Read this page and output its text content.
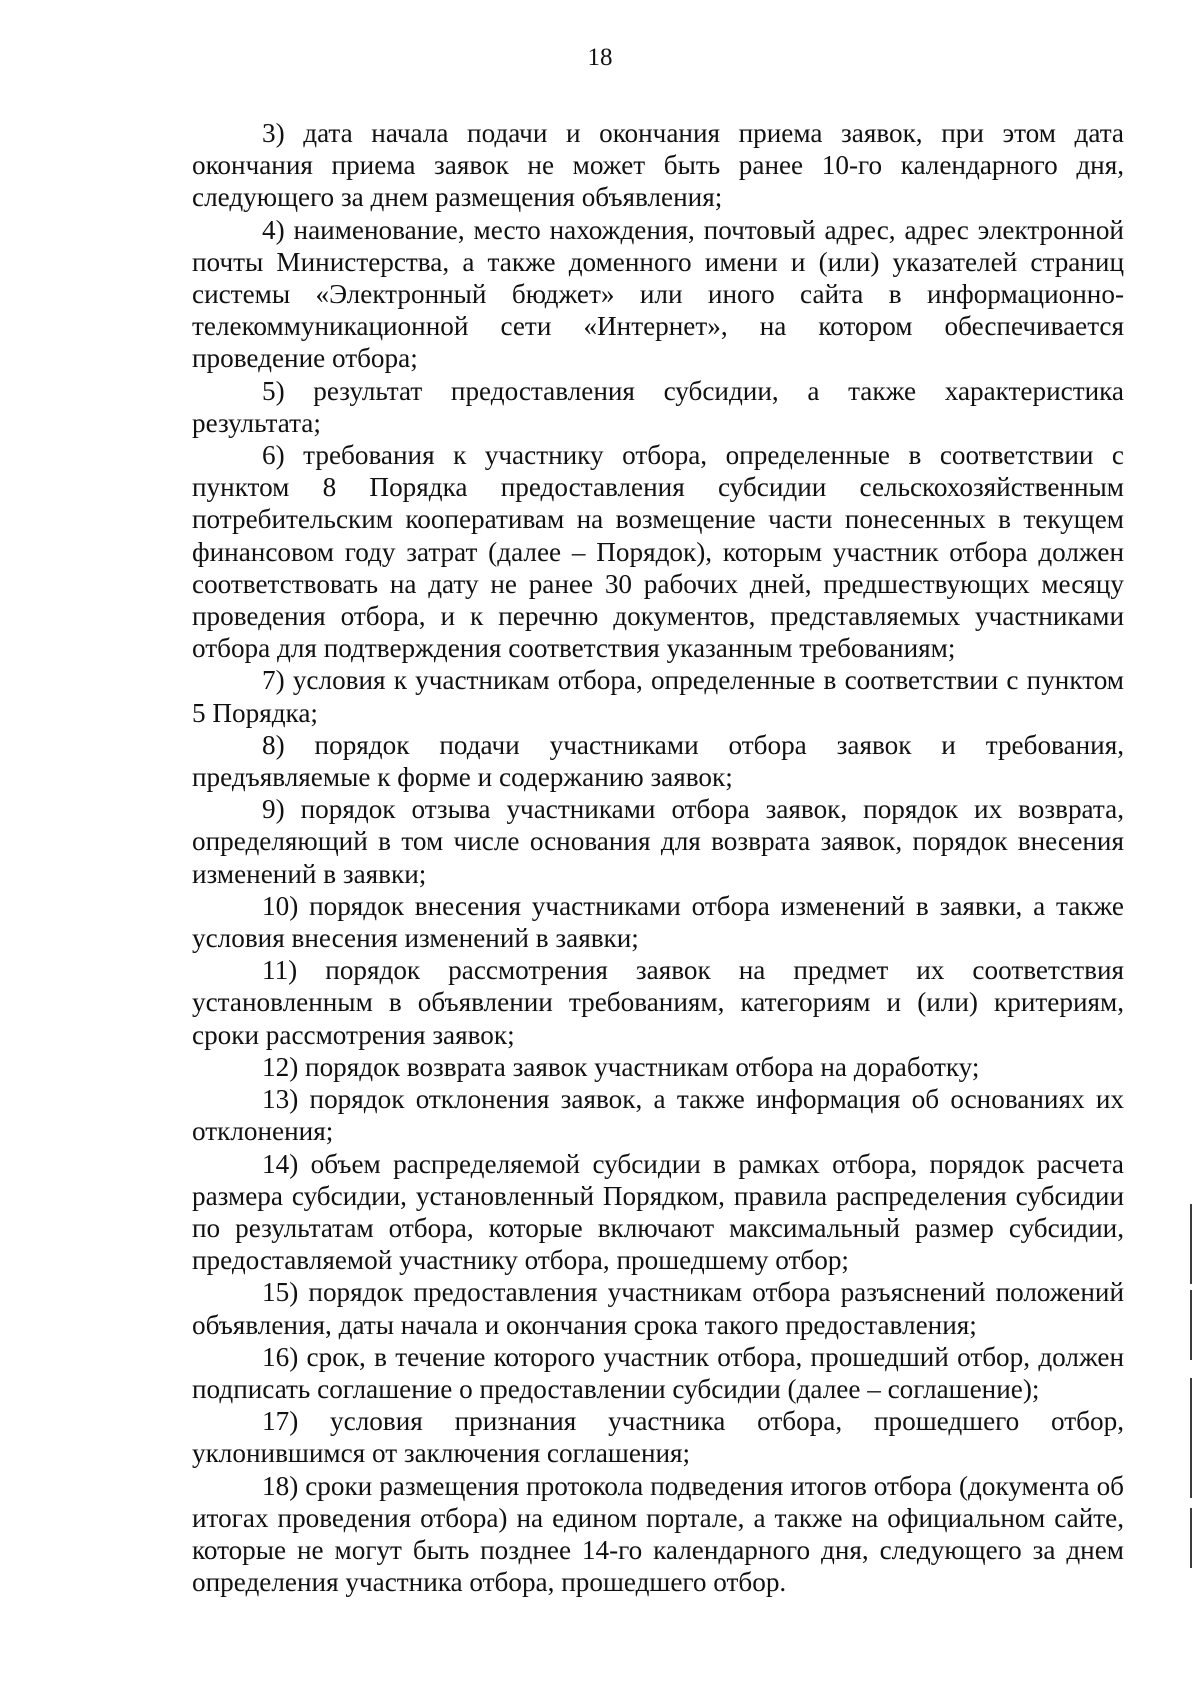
18

3) дата начала подачи и окончания приема заявок, при этом дата окончания приема заявок не может быть ранее 10-го календарного дня, следующего за днем размещения объявления;

4) наименование, место нахождения, почтовый адрес, адрес электронной почты Министерства, а также доменного имени и (или) указателей страниц системы «Электронный бюджет» или иного сайта в информационно-телекоммуникационной сети «Интернет», на котором обеспечивается проведение отбора;

5) результат предоставления субсидии, а также характеристика результата;

6) требования к участнику отбора, определенные в соответствии с пунктом 8 Порядка предоставления субсидии сельскохозяйственным потребительским кооперативам на возмещение части понесенных в текущем финансовом году затрат (далее – Порядок), которым участник отбора должен соответствовать на дату не ранее 30 рабочих дней, предшествующих месяцу проведения отбора, и к перечню документов, представляемых участниками отбора для подтверждения соответствия указанным требованиям;

7) условия к участникам отбора, определенные в соответствии с пунктом 5 Порядка;

8) порядок подачи участниками отбора заявок и требования, предъявляемые к форме и содержанию заявок;

9) порядок отзыва участниками отбора заявок, порядок их возврата, определяющий в том числе основания для возврата заявок, порядок внесения изменений в заявки;

10) порядок внесения участниками отбора изменений в заявки, а также условия внесения изменений в заявки;

11) порядок рассмотрения заявок на предмет их соответствия установленным в объявлении требованиям, категориям и (или) критериям, сроки рассмотрения заявок;

12) порядок возврата заявок участникам отбора на доработку;

13) порядок отклонения заявок, а также информация об основаниях их отклонения;

14) объем распределяемой субсидии в рамках отбора, порядок расчета размера субсидии, установленный Порядком, правила распределения субсидии по результатам отбора, которые включают максимальный размер субсидии, предоставляемой участнику отбора, прошедшему отбор;

15) порядок предоставления участникам отбора разъяснений положений объявления, даты начала и окончания срока такого предоставления;

16) срок, в течение которого участник отбора, прошедший отбор, должен подписать соглашение о предоставлении субсидии (далее – соглашение);

17) условия признания участника отбора, прошедшего отбор, уклонившимся от заключения соглашения;

18) сроки размещения протокола подведения итогов отбора (документа об итогах проведения отбора) на едином портале, а также на официальном сайте, которые не могут быть позднее 14-го календарного дня, следующего за днем определения участника отбора, прошедшего отбор.
